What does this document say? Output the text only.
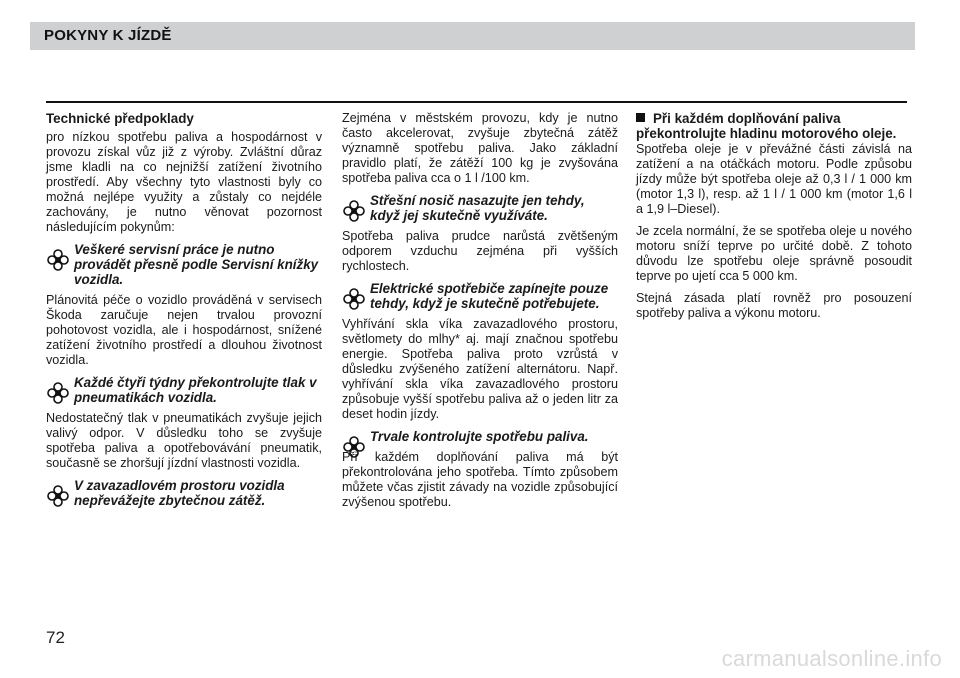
POKYNY K JÍZDĚ
Technické předpoklady
pro nízkou spotřebu paliva a hospodárnost v provozu získal vůz již z výroby. Zvláštní důraz jsme kladli na co nejnižší zatížení životního prostředí. Aby všechny tyto vlastnosti byly co možná nejlépe využity a zůstaly co nejdéle zachovány, je nutno věnovat pozornost následujícím pokynům:
Veškeré servisní práce je nutno provádět přesně podle Servisní knížky vozidla.
Plánovitá péče o vozidlo prováděná v servisech Škoda zaručuje nejen trvalou provozní pohotovost vozidla, ale i hospodárnost, snížené zatížení životního prostředí a dlouhou životnost vozidla.
Každé čtyři týdny překontrolujte tlak v pneumatikách vozidla.
Nedostatečný tlak v pneumatikách zvyšuje jejich valivý odpor. V důsledku toho se zvyšuje spotřeba paliva a opotřebovávání pneumatik, současně se zhoršují jízdní vlastnosti vozidla.
V zavazadlovém prostoru vozidla nepřevážejte zbytečnou zátěž.
Zejména v městském provozu, kdy je nutno často akcelerovat, zvyšuje zbytečná zátěž významně spotřebu paliva. Jako základní pravidlo platí, že zátěží 100 kg je zvyšována spotřeba paliva cca o 1 l /100 km.
Střešní nosič nasazujte jen tehdy, když jej skutečně využíváte.
Spotřeba paliva prudce narůstá zvětšeným odporem vzduchu zejména při vyšších rychlostech.
Elektrické spotřebiče zapínejte pouze tehdy, když je skutečně potřebujete.
Vyhřívání skla víka zavazadlového prostoru, světlomety do mlhy* aj. mají značnou spotřebu energie. Spotřeba paliva proto vzrůstá v důsledku zvýšeného zatížení alternátoru. Např. vyhřívání skla víka zavazadlového prostoru způsobuje vyšší spotřebu paliva až o jeden litr za deset hodin jízdy.
Trvale kontrolujte spotřebu paliva.
Při každém doplňování paliva má být překontrolována jeho spotřeba. Tímto způsobem můžete včas zjistit závady na vozidle způsobující zvýšenou spotřebu.
Při každém doplňování paliva překontrolujte hladinu motorového oleje.
Spotřeba oleje je v převážné části závislá na zatížení a na otáčkách motoru. Podle způsobu jízdy může být spotřeba oleje až 0,3 l / 1 000 km (motor 1,3 l), resp. až 1 l / 1 000 km (motor 1,6 l a 1,9 l–Diesel).
Je zcela normální, že se spotřeba oleje u nového motoru sníží teprve po určité době. Z tohoto důvodu lze spotřebu oleje správně posoudit teprve po ujetí cca 5 000 km.
Stejná zásada platí rovněž pro posouzení spotřeby paliva a výkonu motoru.
72
carmanualsonline.info
